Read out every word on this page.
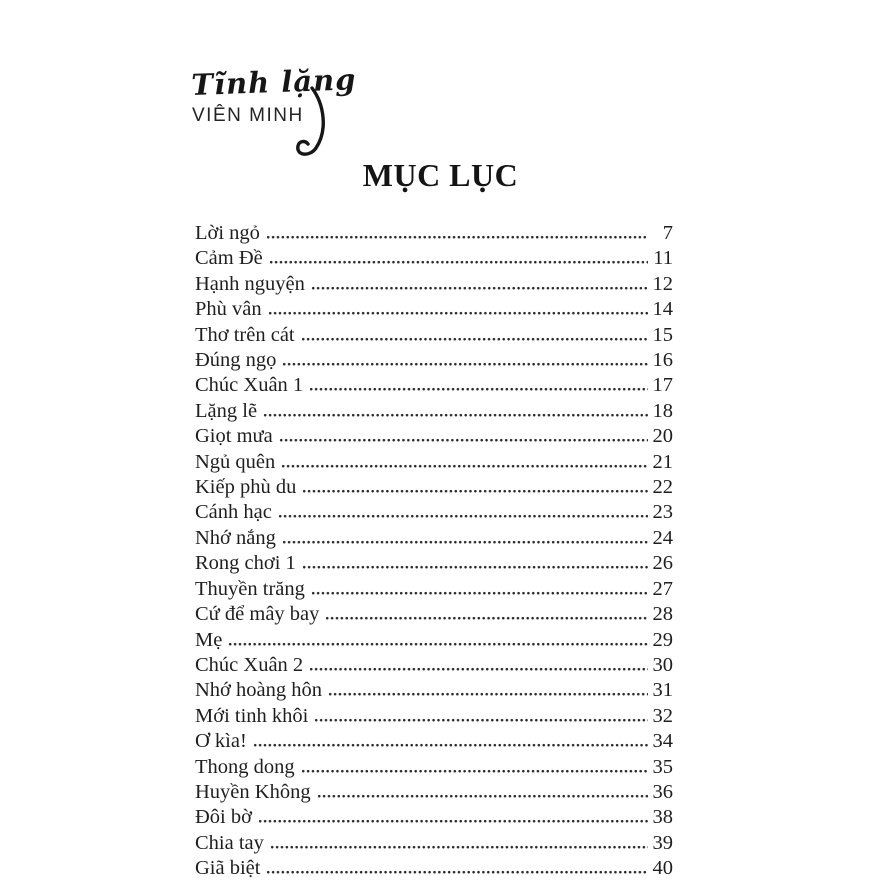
Tĩnh lặng
VIÊN MINH
MỤC LỤC
Lời ngỏ	7
Cảm Đề	11
Hạnh nguyện	12
Phù vân	14
Thơ trên cát	15
Đúng ngọ	16
Chúc Xuân 1	17
Lặng lẽ	18
Giọt mưa	20
Ngủ quên	21
Kiếp phù du	22
Cánh hạc	23
Nhớ nắng	24
Rong chơi 1	26
Thuyền trăng	27
Cứ để mây bay	28
Mẹ	29
Chúc Xuân 2	30
Nhớ hoàng hôn	31
Mới tinh khôi	32
Ơ kìa!	34
Thong dong	35
Huyền Không	36
Đôi bờ	38
Chia tay	39
Giã biệt	40
